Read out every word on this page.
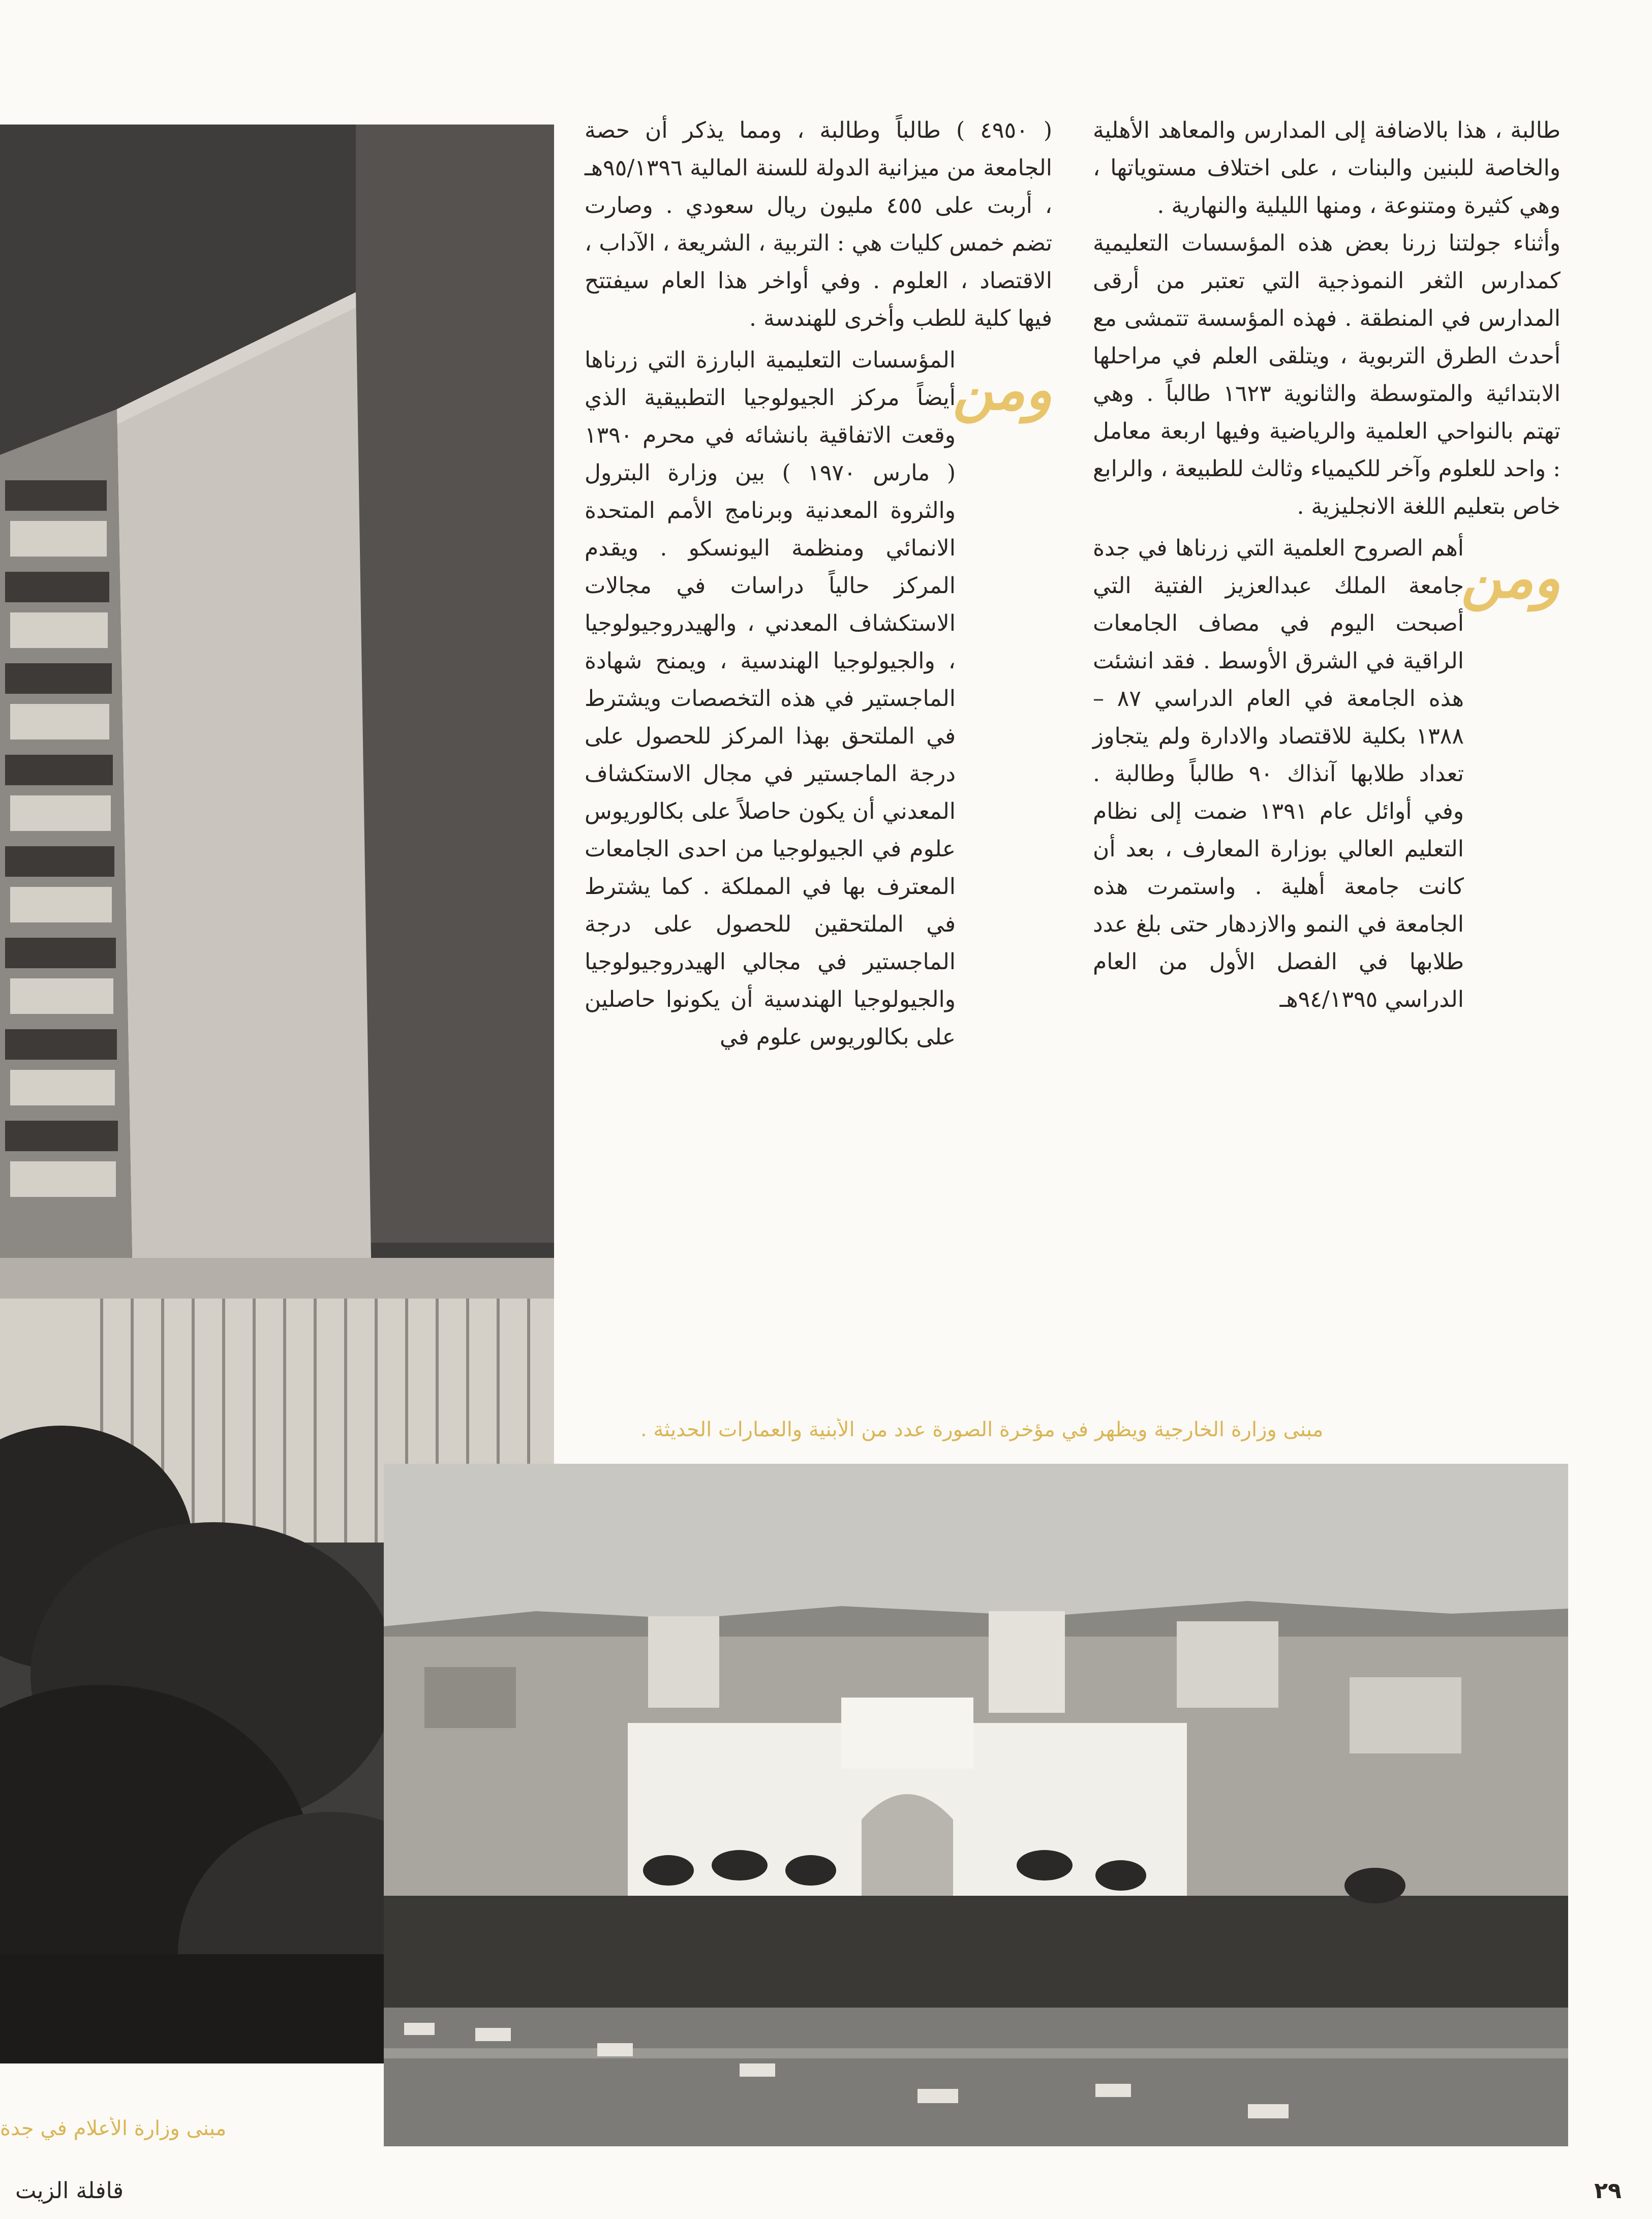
مبنى وزارة الخارجية ويظهر في مؤخرة الصورة عدد من الأبنية والعمارات الحديثة .
مبنى وزارة الأعلام في جدة

طالبة ، هذا بالاضافة إلى المدارس والمعاهد الأهلية والخاصة للبنين والبنات ، على اختلاف مستوياتها ، وهي كثيرة ومتنوعة ، ومنها الليلية والنهارية .

وأثناء جولتنا زرنا بعض هذه المؤسسات التعليمية كمدارس الثغر النموذجية التي تعتبر من أرقى المدارس في المنطقة . فهذه المؤسسة تتمشى مع أحدث الطرق التربوية ، ويتلقى العلم في مراحلها الابتدائية والمتوسطة والثانوية ١٦٢٣ طالباً . وهي تهتم بالنواحي العلمية والرياضية وفيها اربعة معامل : واحد للعلوم وآخر للكيمياء وثالث للطبيعة ، والرابع خاص بتعليم اللغة الانجليزية .

ومن
أهم الصروح العلمية التي زرناها في جدة جامعة الملك عبدالعزيز الفتية التي أصبحت اليوم في مصاف الجامعات الراقية في الشرق الأوسط . فقد انشئت هذه الجامعة في العام الدراسي ٨٧ – ١٣٨٨ بكلية للاقتصاد والادارة ولم يتجاوز تعداد طلابها آنذاك ٩٠ طالباً وطالبة . وفي أوائل عام ١٣٩١ ضمت إلى نظام التعليم العالي بوزارة المعارف ، بعد أن كانت جامعة أهلية . واستمرت هذه الجامعة في النمو والازدهار حتى بلغ عدد طلابها في الفصل الأول من العام الدراسي ٩٤/١٣٩٥هـ

( ٤٩٥٠ ) طالباً وطالبة ، ومما يذكر أن حصة الجامعة من ميزانية الدولة للسنة المالية ٩٥/١٣٩٦هـ ، أربت على ٤٥٥ مليون ريال سعودي . وصارت تضم خمس كليات هي : التربية ، الشريعة ، الآداب ، الاقتصاد ، العلوم . وفي أواخر هذا العام سيفتتح فيها كلية للطب وأخرى للهندسة .

ومن
المؤسسات التعليمية البارزة التي زرناها أيضاً مركز الجيولوجيا التطبيقية الذي وقعت الاتفاقية بانشائه في محرم ١٣٩٠ ( مارس ١٩٧٠ ) بين وزارة البترول والثروة المعدنية وبرنامج الأمم المتحدة الانمائي ومنظمة اليونسكو . ويقدم المركز حالياً دراسات في مجالات الاستكشاف المعدني ، والهيدروجيولوجيا ، والجيولوجيا الهندسية ، ويمنح شهادة الماجستير في هذه التخصصات ويشترط في الملتحق بهذا المركز للحصول على درجة الماجستير في مجال الاستكشاف المعدني أن يكون حاصلاً على بكالوريوس علوم في الجيولوجيا من احدى الجامعات المعترف بها في المملكة . كما يشترط في الملتحقين للحصول على درجة الماجستير في مجالي الهيدروجيولوجيا والجيولوجيا الهندسية أن يكونوا حاصلين على بكالوريوس علوم في

٢٩
قافلة الزيت
